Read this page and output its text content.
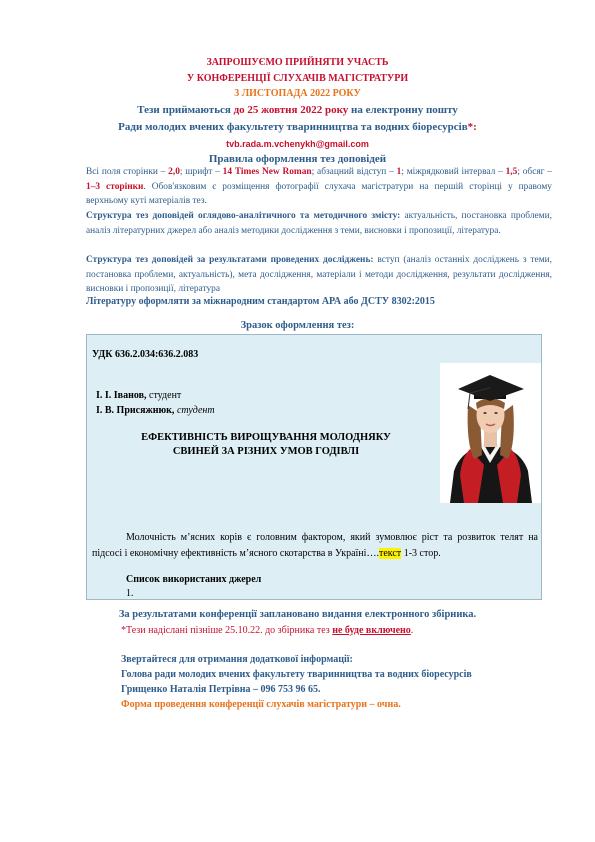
ЗАПРОШУЄМО ПРИЙНЯТИ УЧАСТЬ
У КОНФЕРЕНЦІЇ СЛУХАЧІВ МАГІСТРАТУРИ
3 ЛИСТОПАДА 2022 РОКУ
Тези приймаються до 25 жовтня 2022 року на електронну пошту
Ради молодих вчених факультету тваринництва та водних біоресурсів*:
tvb.rada.m.vchenykh@gmail.com
Правила оформлення тез доповідей
Всі поля сторінки – 2,0; шрифт – 14 Times New Roman; абзацний відступ – 1; міжрядковий інтервал – 1,5; обсяг – 1–3 сторінки. Обов'язковим є розміщення фотографії слухача магістратури на першій сторінці у правому верхньому куті матеріалів тез.
Структура тез доповідей оглядово-аналітичного та методичного змісту: актуальність, постановка проблеми, аналіз літературних джерел або аналіз методики дослідження з теми, висновки і пропозиції, література.
Структура тез доповідей за результатами проведених досліджень: вступ (аналіз останніх досліджень з теми, постановка проблеми, актуальність), мета дослідження, матеріали і методи дослідження, результати дослідження, висновки і пропозиції, література
Літературу оформляти за міжнародним стандартом АРА або ДСТУ 8302:2015
Зразок оформлення тез:
УДК 636.2.034:636.2.083
І. І. Іванов, студент
І. В. Присяжнюк, студент
ЕФЕКТИВНІСТЬ ВИРОЩУВАННЯ МОЛОДНЯКУ
СВИНЕЙ ЗА РІЗНИХ УМОВ ГОДІВЛІ
Молочність м’ясних корів є головним фактором, який зумовлює ріст та розвиток телят на підсосі і економічну ефективність м’ясного скотарства в Україні….текст 1-3 стор.
Список використаних джерел
1.
За результатами конференції заплановано видання електронного збірника.
*Тези надіслані пізніше 25.10.22. до збірника тез не буде включено.
Звертайтеся для отримання додаткової інформації:
Голова ради молодих вчених факультету тваринництва та водних біоресурсів
Грищенко Наталія Петрівна – 096 753 96 65.
Форма проведення конференції слухачів магістратури – очна.
